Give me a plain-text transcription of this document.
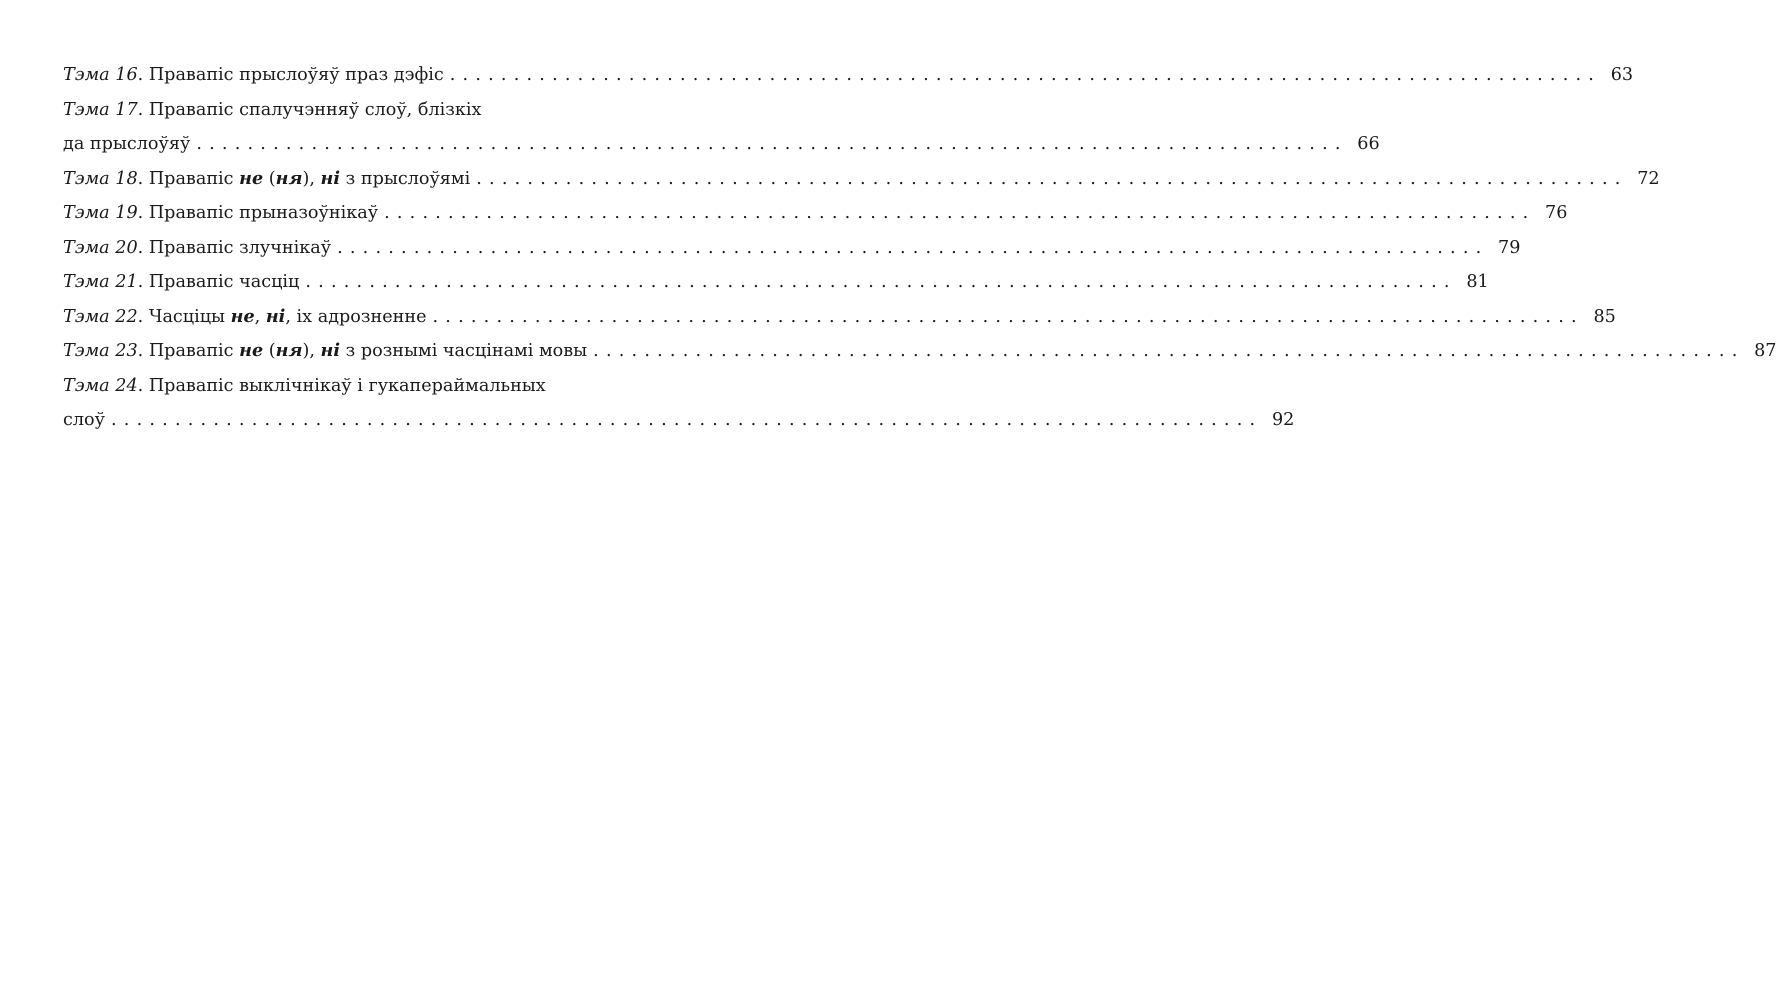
Тэма 16 . Правапіс прыслоўяў праз дэфіс .......................................................................................... 63
Тэма 17. Правапіс спалучэнняў слоў, блізкіх
да прыслоўяў .......................................................................................... 66
Тэма 18 . Правапіс не (ня), ні з прыслоўямі .......................................................................................... 72
Тэма 19 . Правапіс прыназоўнікаў .......................................................................................... 76
Тэма 20 . Правапіс злучнікаў .......................................................................................... 79
Тэма 21 . Правапіс часціц .......................................................................................... 81
Тэма 22 . Часціцы не, ні, іх адрозненне .......................................................................................... 85
Тэма 23 . Правапіс не (ня), ні з рознымі часцінамі мовы .......................................................................................... 87
Тэма 24. Правапіс выклічнікаў і гукапераймальных
слоў .......................................................................................... 92
